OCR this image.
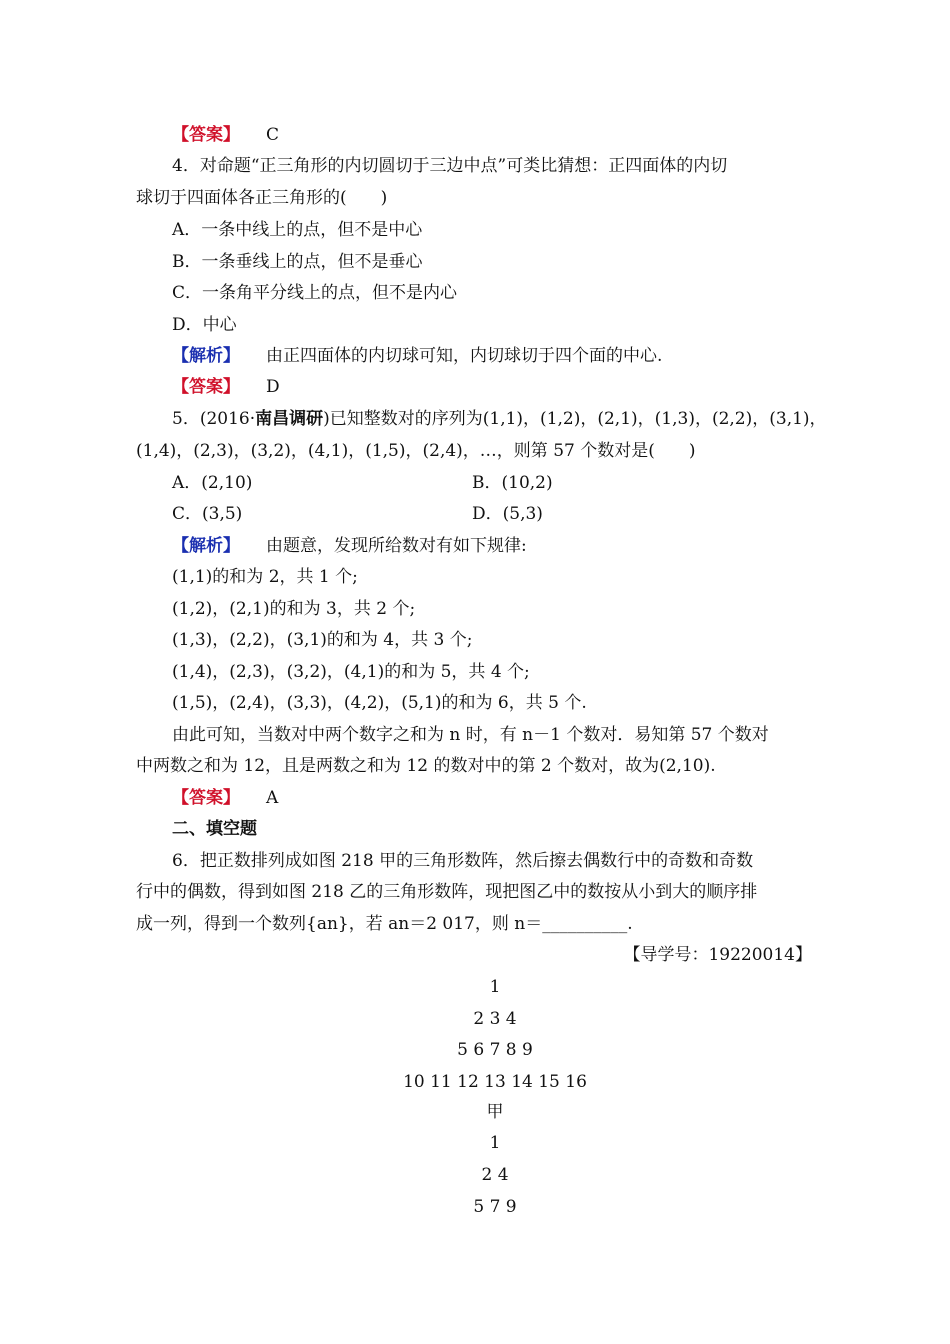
【答案】 C
4．对命题“正三角形的内切圆切于三边中点”可类比猜想：正四面体的内切
球切于四面体各正三角形的(　　)
A．一条中线上的点，但不是中心
B．一条垂线上的点，但不是垂心
C．一条角平分线上的点，但不是内心
D．中心
【解析】 由正四面体的内切球可知，内切球切于四个面的中心.
【答案】 D
5．(2016·南昌调研)已知整数对的序列为(1,1)，(1,2)，(2,1)，(1,3)，(2,2)，(3,1)，
(1,4)，(2,3)，(3,2)，(4,1)，(1,5)，(2,4)，…，则第 57 个数对是(　　)
A．(2,10)	B．(10,2)
C．(3,5)	D．(5,3)
【解析】 由题意，发现所给数对有如下规律:
(1,1)的和为 2，共 1 个;
(1,2)，(2,1)的和为 3，共 2 个;
(1,3)，(2,2)，(3,1)的和为 4，共 3 个;
(1,4)，(2,3)，(3,2)，(4,1)的和为 5，共 4 个;
(1,5)，(2,4)，(3,3)，(4,2)，(5,1)的和为 6，共 5 个.
由此可知，当数对中两个数字之和为 n 时，有 n－1 个数对．易知第 57 个数对
中两数之和为 12，且是两数之和为 12 的数对中的第 2 个数对，故为(2,10).
【答案】 A
二、填空题
6．把正数排列成如图 218 甲的三角形数阵，然后擦去偶数行中的奇数和奇数
行中的偶数，得到如图 218 乙的三角形数阵，现把图乙中的数按从小到大的顺序排
成一列，得到一个数列{an}，若 an＝2 017，则 n＝__________.
【导学号：19220014】
1
2 3 4
5 6 7 8 9
10 11 12 13 14 15 16
甲
1
2 4
5 7 9
